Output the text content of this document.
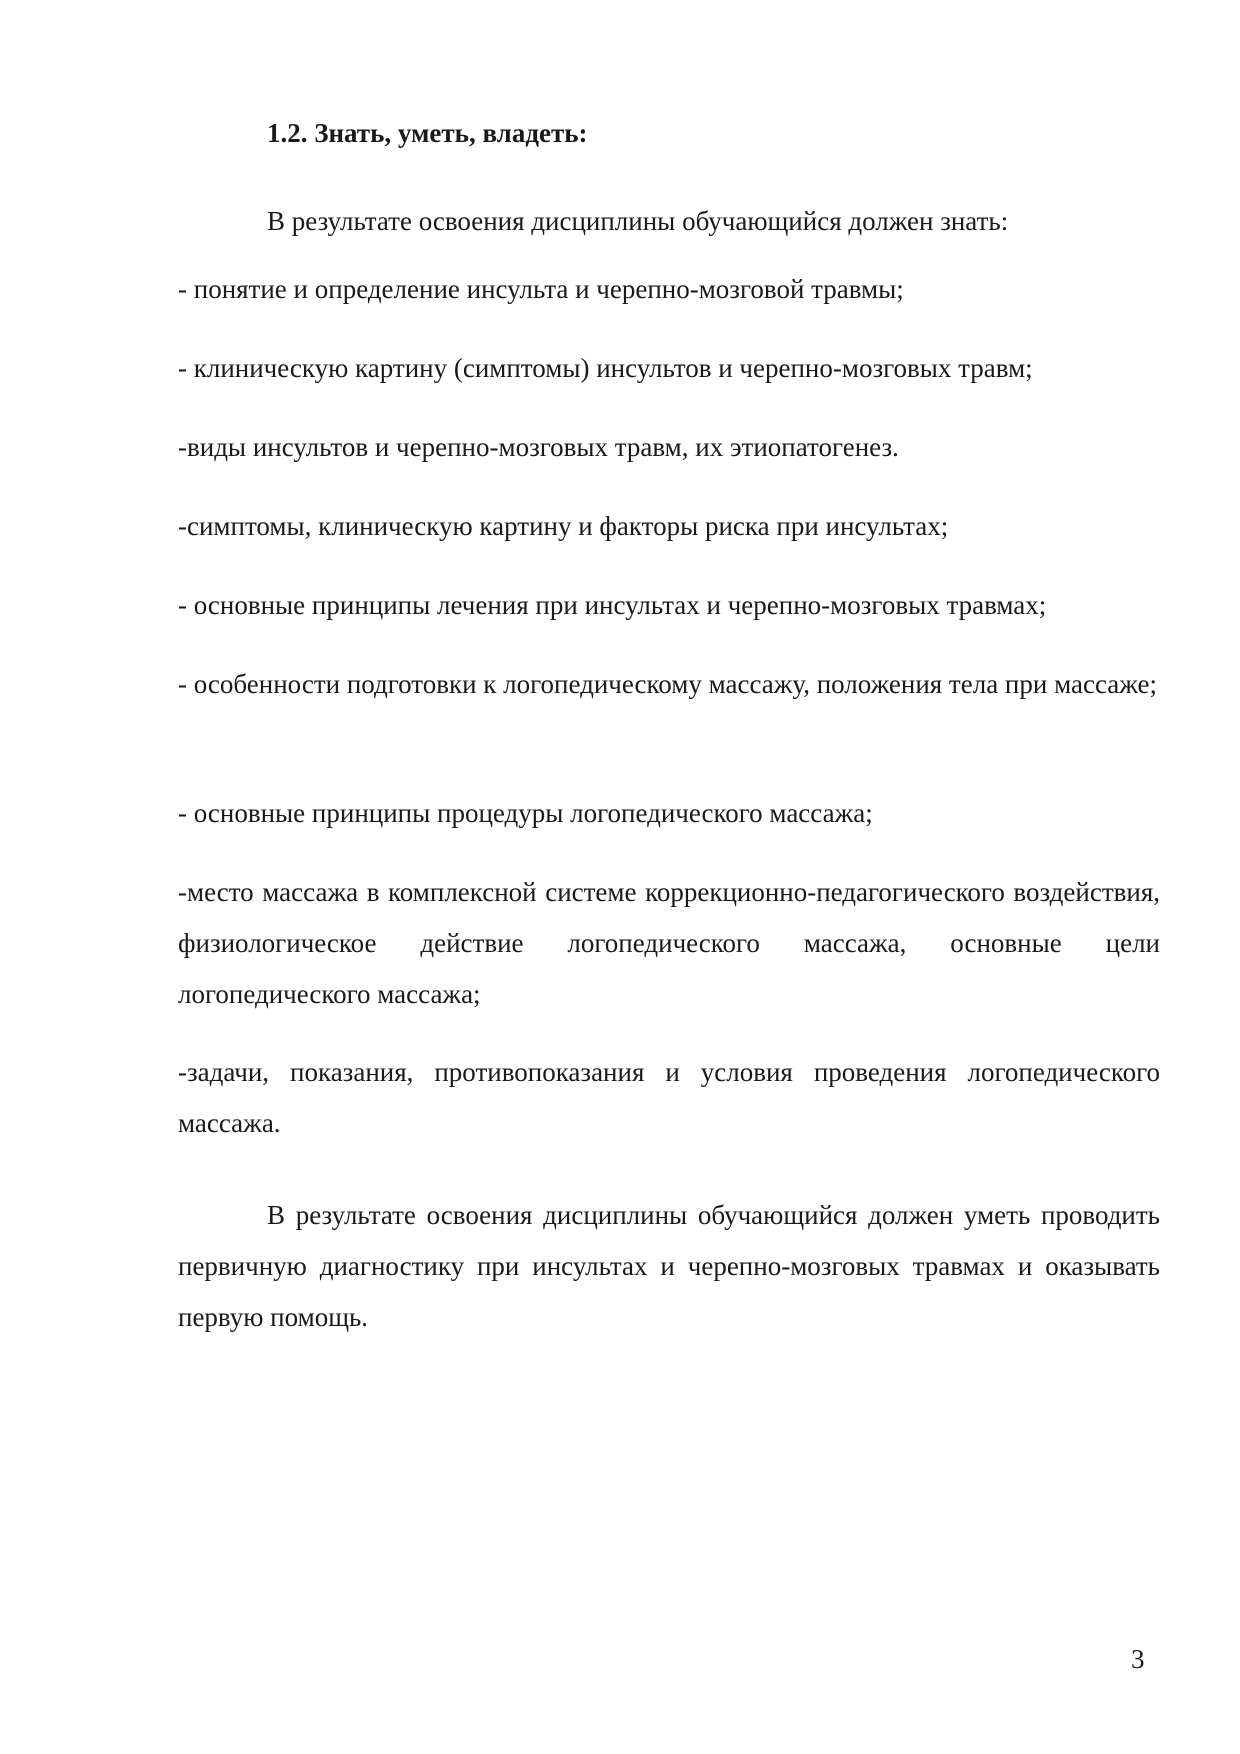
1.2. Знать, уметь, владеть:

В результате освоения дисциплины обучающийся должен знать:

- понятие и определение инсульта и черепно-мозговой травмы;

- клиническую картину (симптомы) инсультов и черепно-мозговых травм;

-виды инсультов и черепно-мозговых травм, их этиопатогенез.

-симптомы, клиническую картину и факторы риска при инсультах;

- основные принципы лечения при инсультах и черепно-мозговых травмах;

- особенности подготовки к логопедическому массажу, положения тела при массаже;

- основные принципы процедуры логопедического массажа;

-место массажа в комплексной системе коррекционно-педагогического воздействия, физиологическое действие логопедического массажа, основные цели логопедического массажа;

-задачи, показания, противопоказания и условия проведения логопедического массажа.

В результате освоения дисциплины обучающийся должен уметь проводить первичную диагностику при инсультах и черепно-мозговых травмах и оказывать первую помощь.

3
